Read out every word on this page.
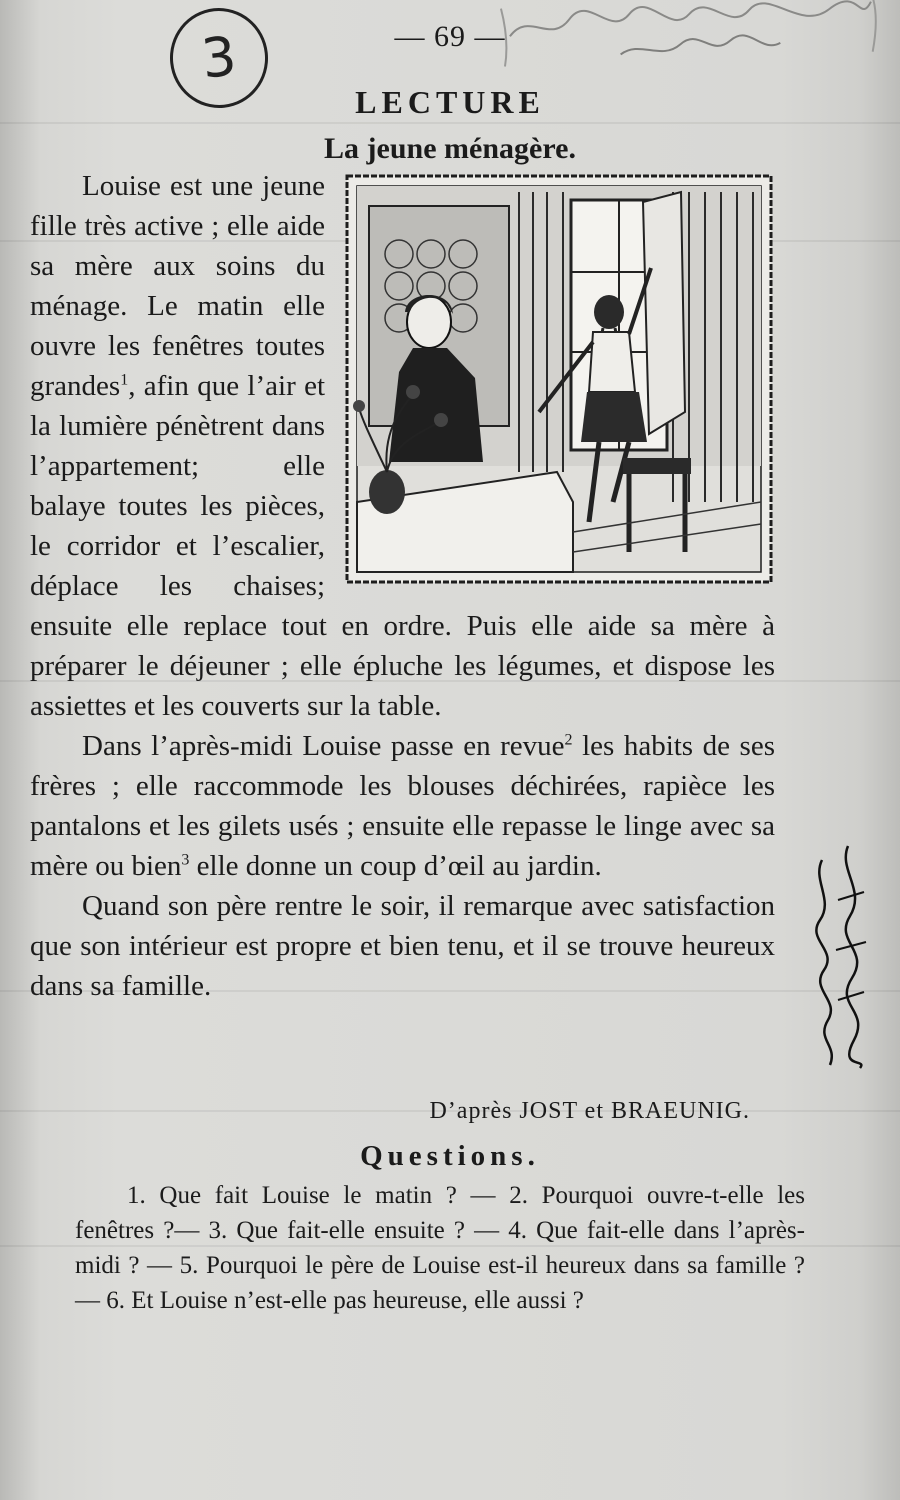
3	— 69 —
LECTURE
La jeune ménagère.

Louise est une jeune fille très active ; elle aide sa mère aux soins du ménage. Le matin elle ouvre les fenêtres toutes grandes$^1$, afin que l’air et la lumière pénètrent dans l’appartement; elle balaye toutes les pièces, le corridor et l’escalier, déplace les chaises; ensuite elle replace tout en ordre. Puis elle aide sa mère à préparer le déjeuner ; elle épluche les légumes, et dispose les assiettes et les couverts sur la table.

Dans l’après-midi Louise passe en revue$^2$ les habits de ses frères ; elle raccommode les blouses déchirées, rapièce les pantalons et les gilets usés ; ensuite elle repasse le linge avec sa mère ou bien$^3$ elle donne un coup d’œil au jardin.

Quand son père rentre le soir, il remarque avec satisfaction que son intérieur est propre et bien tenu, et il se trouve heureux dans sa famille.

D’après JOST et BRAEUNIG.
Questions.
1. Que fait Louise le matin ? — 2. Pourquoi ouvre-t-elle les fenêtres ?— 3. Que fait-elle ensuite ? — 4. Que fait-elle dans l’après-midi ? — 5. Pourquoi le père de Louise est-il heureux dans sa famille ? — 6. Et Louise n’est-elle pas heureuse, elle aussi ?
